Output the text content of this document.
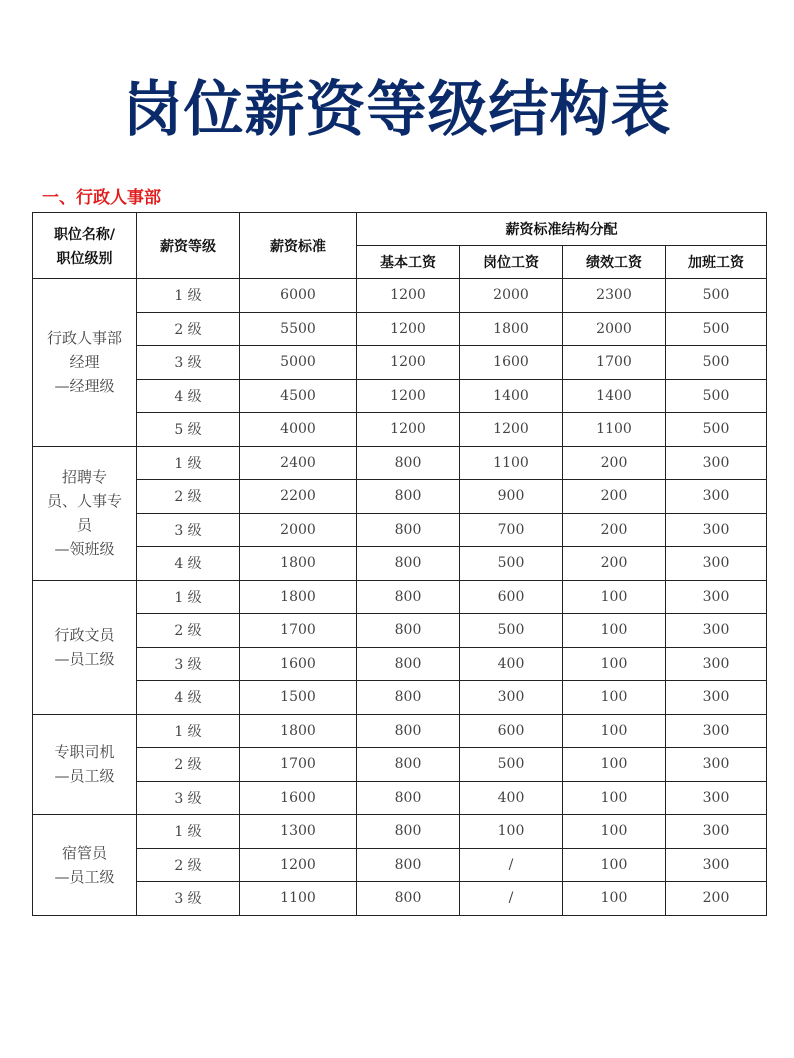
岗位薪资等级结构表
一、行政人事部
职位名称/
职位级别	薪资等级	薪资标准	薪资标准结构分配			
			基本工资	岗位工资	绩效工资	加班工资

行政人事部
经理
—经理级	1 级	6000	1200	2000	2300	500
	2 级	5500	1200	1800	2000	500
	3 级	5000	1200	1600	1700	500
	4 级	4500	1200	1400	1400	500
	5 级	4000	1200	1200	1100	500

招聘专
员、人事专
员
—领班级	1 级	2400	800	1100	200	300
	2 级	2200	800	900	200	300
	3 级	2000	800	700	200	300
	4 级	1800	800	500	200	300

行政文员
—员工级	1 级	1800	800	600	100	300
	2 级	1700	800	500	100	300
	3 级	1600	800	400	100	300
	4 级	1500	800	300	100	300

专职司机
—员工级	1 级	1800	800	600	100	300
	2 级	1700	800	500	100	300
	3 级	1600	800	400	100	300

宿管员
—员工级	1 级	1300	800	100	100	300
	2 级	1200	800	/	100	300
	3 级	1100	800	/	100	200
